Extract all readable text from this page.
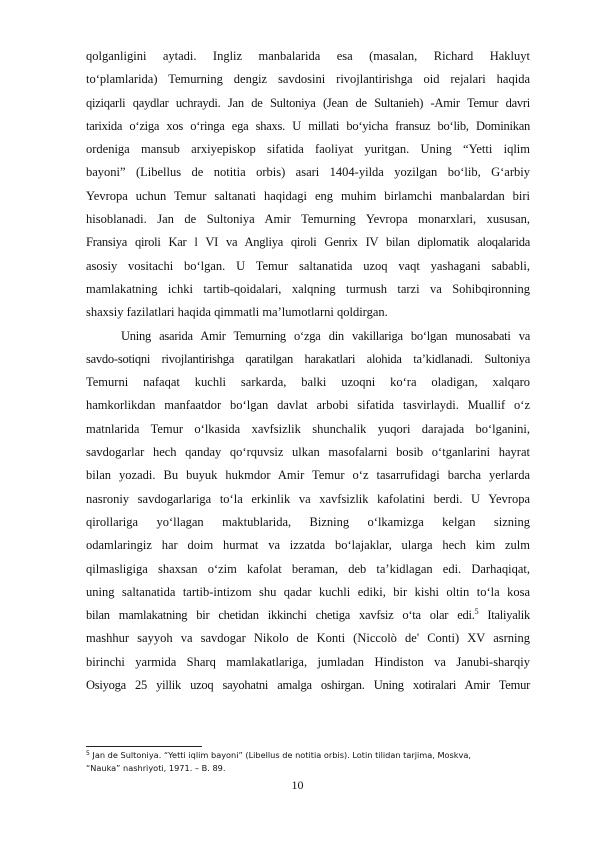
qolganligini aytadi. Ingliz manbalarida esa (masalan, Richard Hakluyt
to‘plamlarida) Temurning dengiz savdosini rivojlantirishga oid rejalari haqida
qiziqarli qaydlar uchraydi. Jan de Sultoniya (Jean de Sultanieh) -Amir Temur davri
tarixida o‘ziga xos o‘ringa ega shaxs. U millati bo‘yicha fransuz bo‘lib, Dominikan
ordeniga mansub arxiyepiskop sifatida faoliyat yuritgan. Uning “Yetti iqlim
bayoni” (Libellus de notitia orbis) asari 1404-yilda yozilgan bo‘lib, G‘arbiy
Yevropa uchun Temur saltanati haqidagi eng muhim birlamchi manbalardan biri
hisoblanadi. Jan de Sultoniya Amir Temurning Yevropa monarxlari, xususan,
Fransiya qiroli Kar l VI va Angliya qiroli Genrix IV bilan diplomatik aloqalarida
asosiy vositachi bo‘lgan. U Temur saltanatida uzoq vaqt yashagani sababli,
mamlakatning ichki tartib-qoidalari, xalqning turmush tarzi va Sohibqironning
shaxsiy fazilatlari haqida qimmatli ma’lumotlarni qoldirgan.
Uning asarida Amir Temurning o‘zga din vakillariga bo‘lgan munosabati va
savdo-sotiqni rivojlantirishga qaratilgan harakatlari alohida ta’kidlanadi. Sultoniya
Temurni nafaqat kuchli sarkarda, balki uzoqni ko‘ra oladigan, xalqaro
hamkorlikdan manfaatdor bo‘lgan davlat arbobi sifatida tasvirlaydi. Muallif o‘z
matnlarida Temur o‘lkasida xavfsizlik shunchalik yuqori darajada bo‘lganini,
savdogarlar hech qanday qo‘rquvsiz ulkan masofalarni bosib o‘tganlarini hayrat
bilan yozadi. Bu buyuk hukmdor Amir Temur o‘z tasarrufidagi barcha yerlarda
nasroniy savdogarlariga to‘la erkinlik va xavfsizlik kafolatini berdi. U Yevropa
qirollariga yo‘llagan maktublarida, Bizning o‘lkamizga kelgan sizning
odamlaringiz har doim hurmat va izzatda bo‘lajaklar, ularga hech kim zulm
qilmasligiga shaxsan o‘zim kafolat beraman, deb ta’kidlagan edi. Darhaqiqat,
uning saltanatida tartib-intizom shu qadar kuchli ediki, bir kishi oltin to‘la kosa
bilan mamlakatning bir chetidan ikkinchi chetiga xavfsiz o‘ta olar edi.$^5$ Italiyalik
mashhur sayyoh va savdogar Nikolo de Konti (Niccolò de' Conti) XV asrning
birinchi yarmida Sharq mamlakatlariga, jumladan Hindiston va Janubi-sharqiy
Osiyoga 25 yillik uzoq sayohatni amalga oshirgan. Uning xotiralari Amir Temur
$^5$ Jan de Sultoniya. “Yetti iqlim bayoni” (Libellus de notitia orbis). Lotin tilidan tarjima, Moskva,
“Nauka” nashriyoti, 1971. – B. 89.
10
